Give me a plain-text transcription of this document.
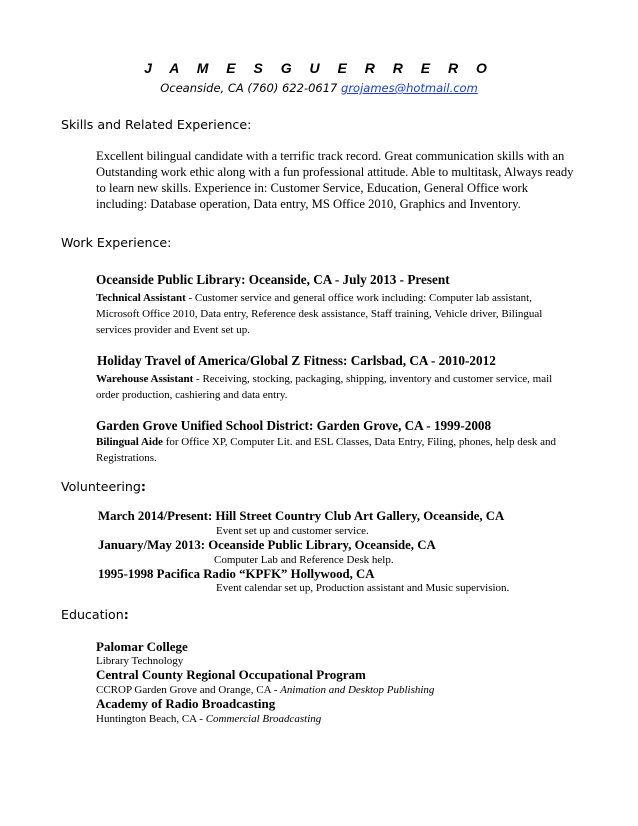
J A M E S G U E R R E R O
Oceanside, CA (760) 622-0617 grojames@hotmail.com
Skills and Related Experience:
Excellent bilingual candidate with a terrific track record. Great communication skills with an
Outstanding work ethic along with a fun professional attitude. Able to multitask, Always ready
to learn new skills. Experience in: Customer Service, Education, General Office work
including: Database operation, Data entry, MS Office 2010, Graphics and Inventory.
Work Experience:
Oceanside Public Library: Oceanside, CA - July 2013 - Present
Technical Assistant - Customer service and general office work including: Computer lab assistant,
Microsoft Office 2010, Data entry, Reference desk assistance, Staff training, Vehicle driver, Bilingual
services provider and Event set up.
Holiday Travel of America/Global Z Fitness: Carlsbad, CA - 2010-2012
Warehouse Assistant - Receiving, stocking, packaging, shipping, inventory and customer service, mail
order production, cashiering and data entry.
Garden Grove Unified School District: Garden Grove, CA - 1999-2008
Bilingual Aide for Office XP, Computer Lit. and ESL Classes, Data Entry, Filing, phones, help desk and
Registrations.
Volunteering:
March 2014/Present: Hill Street Country Club Art Gallery, Oceanside, CA
Event set up and customer service.
January/May 2013: Oceanside Public Library, Oceanside, CA
Computer Lab and Reference Desk help.
1995-1998 Pacifica Radio “KPFK” Hollywood, CA
Event calendar set up, Production assistant and Music supervision.
Education:
Palomar College
Library Technology
Central County Regional Occupational Program
CCROP Garden Grove and Orange, CA - Animation and Desktop Publishing
Academy of Radio Broadcasting
Huntington Beach, CA - Commercial Broadcasting
